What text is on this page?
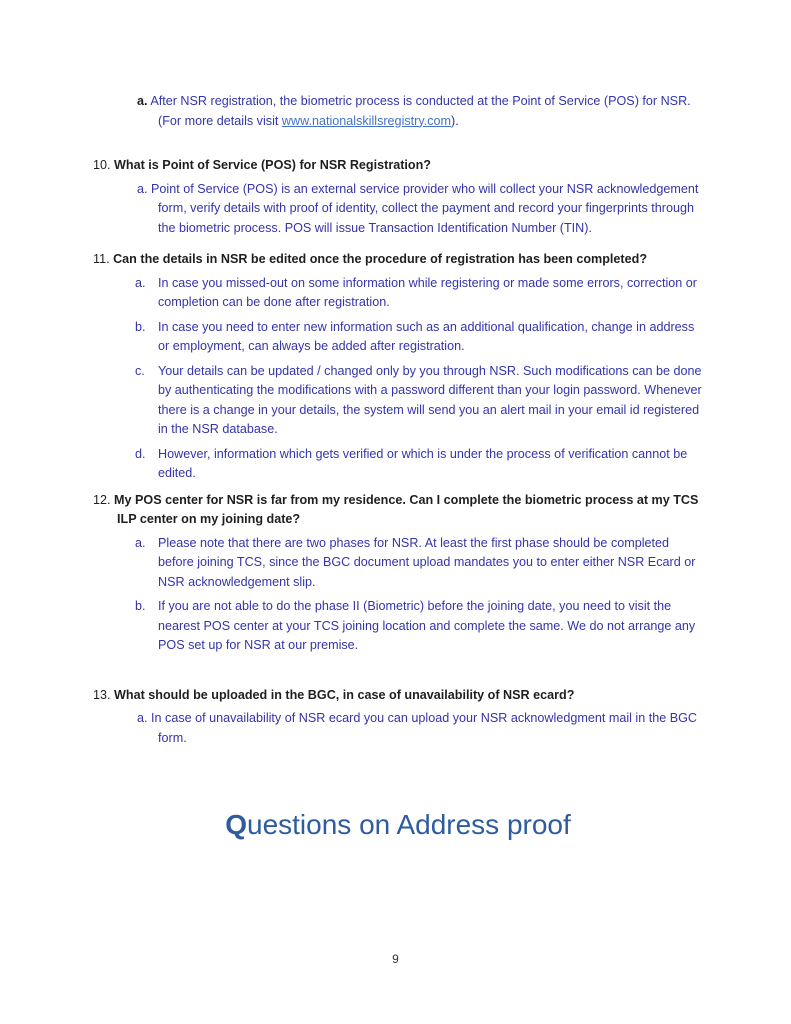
a. After NSR registration, the biometric process is conducted at the Point of Service (POS) for NSR. (For more details visit www.nationalskillsregistry.com).

10. What is Point of Service (POS) for NSR Registration?

a. Point of Service (POS) is an external service provider who will collect your NSR acknowledgement form, verify details with proof of identity, collect the payment and record your fingerprints through the biometric process. POS will issue Transaction Identification Number (TIN).

11. Can the details in NSR be edited once the procedure of registration has been completed?

a. In case you missed-out on some information while registering or made some errors, correction or completion can be done after registration.

b. In case you need to enter new information such as an additional qualification, change in address or employment, can always be added after registration.

c. Your details can be updated / changed only by you through NSR. Such modifications can be done by authenticating the modifications with a password different than your login password. Whenever there is a change in your details, the system will send you an alert mail in your email id registered in the NSR database.

d. However, information which gets verified or which is under the process of verification cannot be edited.

12. My POS center for NSR is far from my residence. Can I complete the biometric process at my TCS ILP center on my joining date?

a. Please note that there are two phases for NSR. At least the first phase should be completed before joining TCS, since the BGC document upload mandates you to enter either NSR Ecard or NSR acknowledgement slip.

b. If you are not able to do the phase II (Biometric) before the joining date, you need to visit the nearest POS center at your TCS joining location and complete the same. We do not arrange any POS set up for NSR at our premise.

13. What should be uploaded in the BGC, in case of unavailability of NSR ecard?

a. In case of unavailability of NSR ecard you can upload your NSR acknowledgment mail in the BGC form.

Questions on Address proof
9
